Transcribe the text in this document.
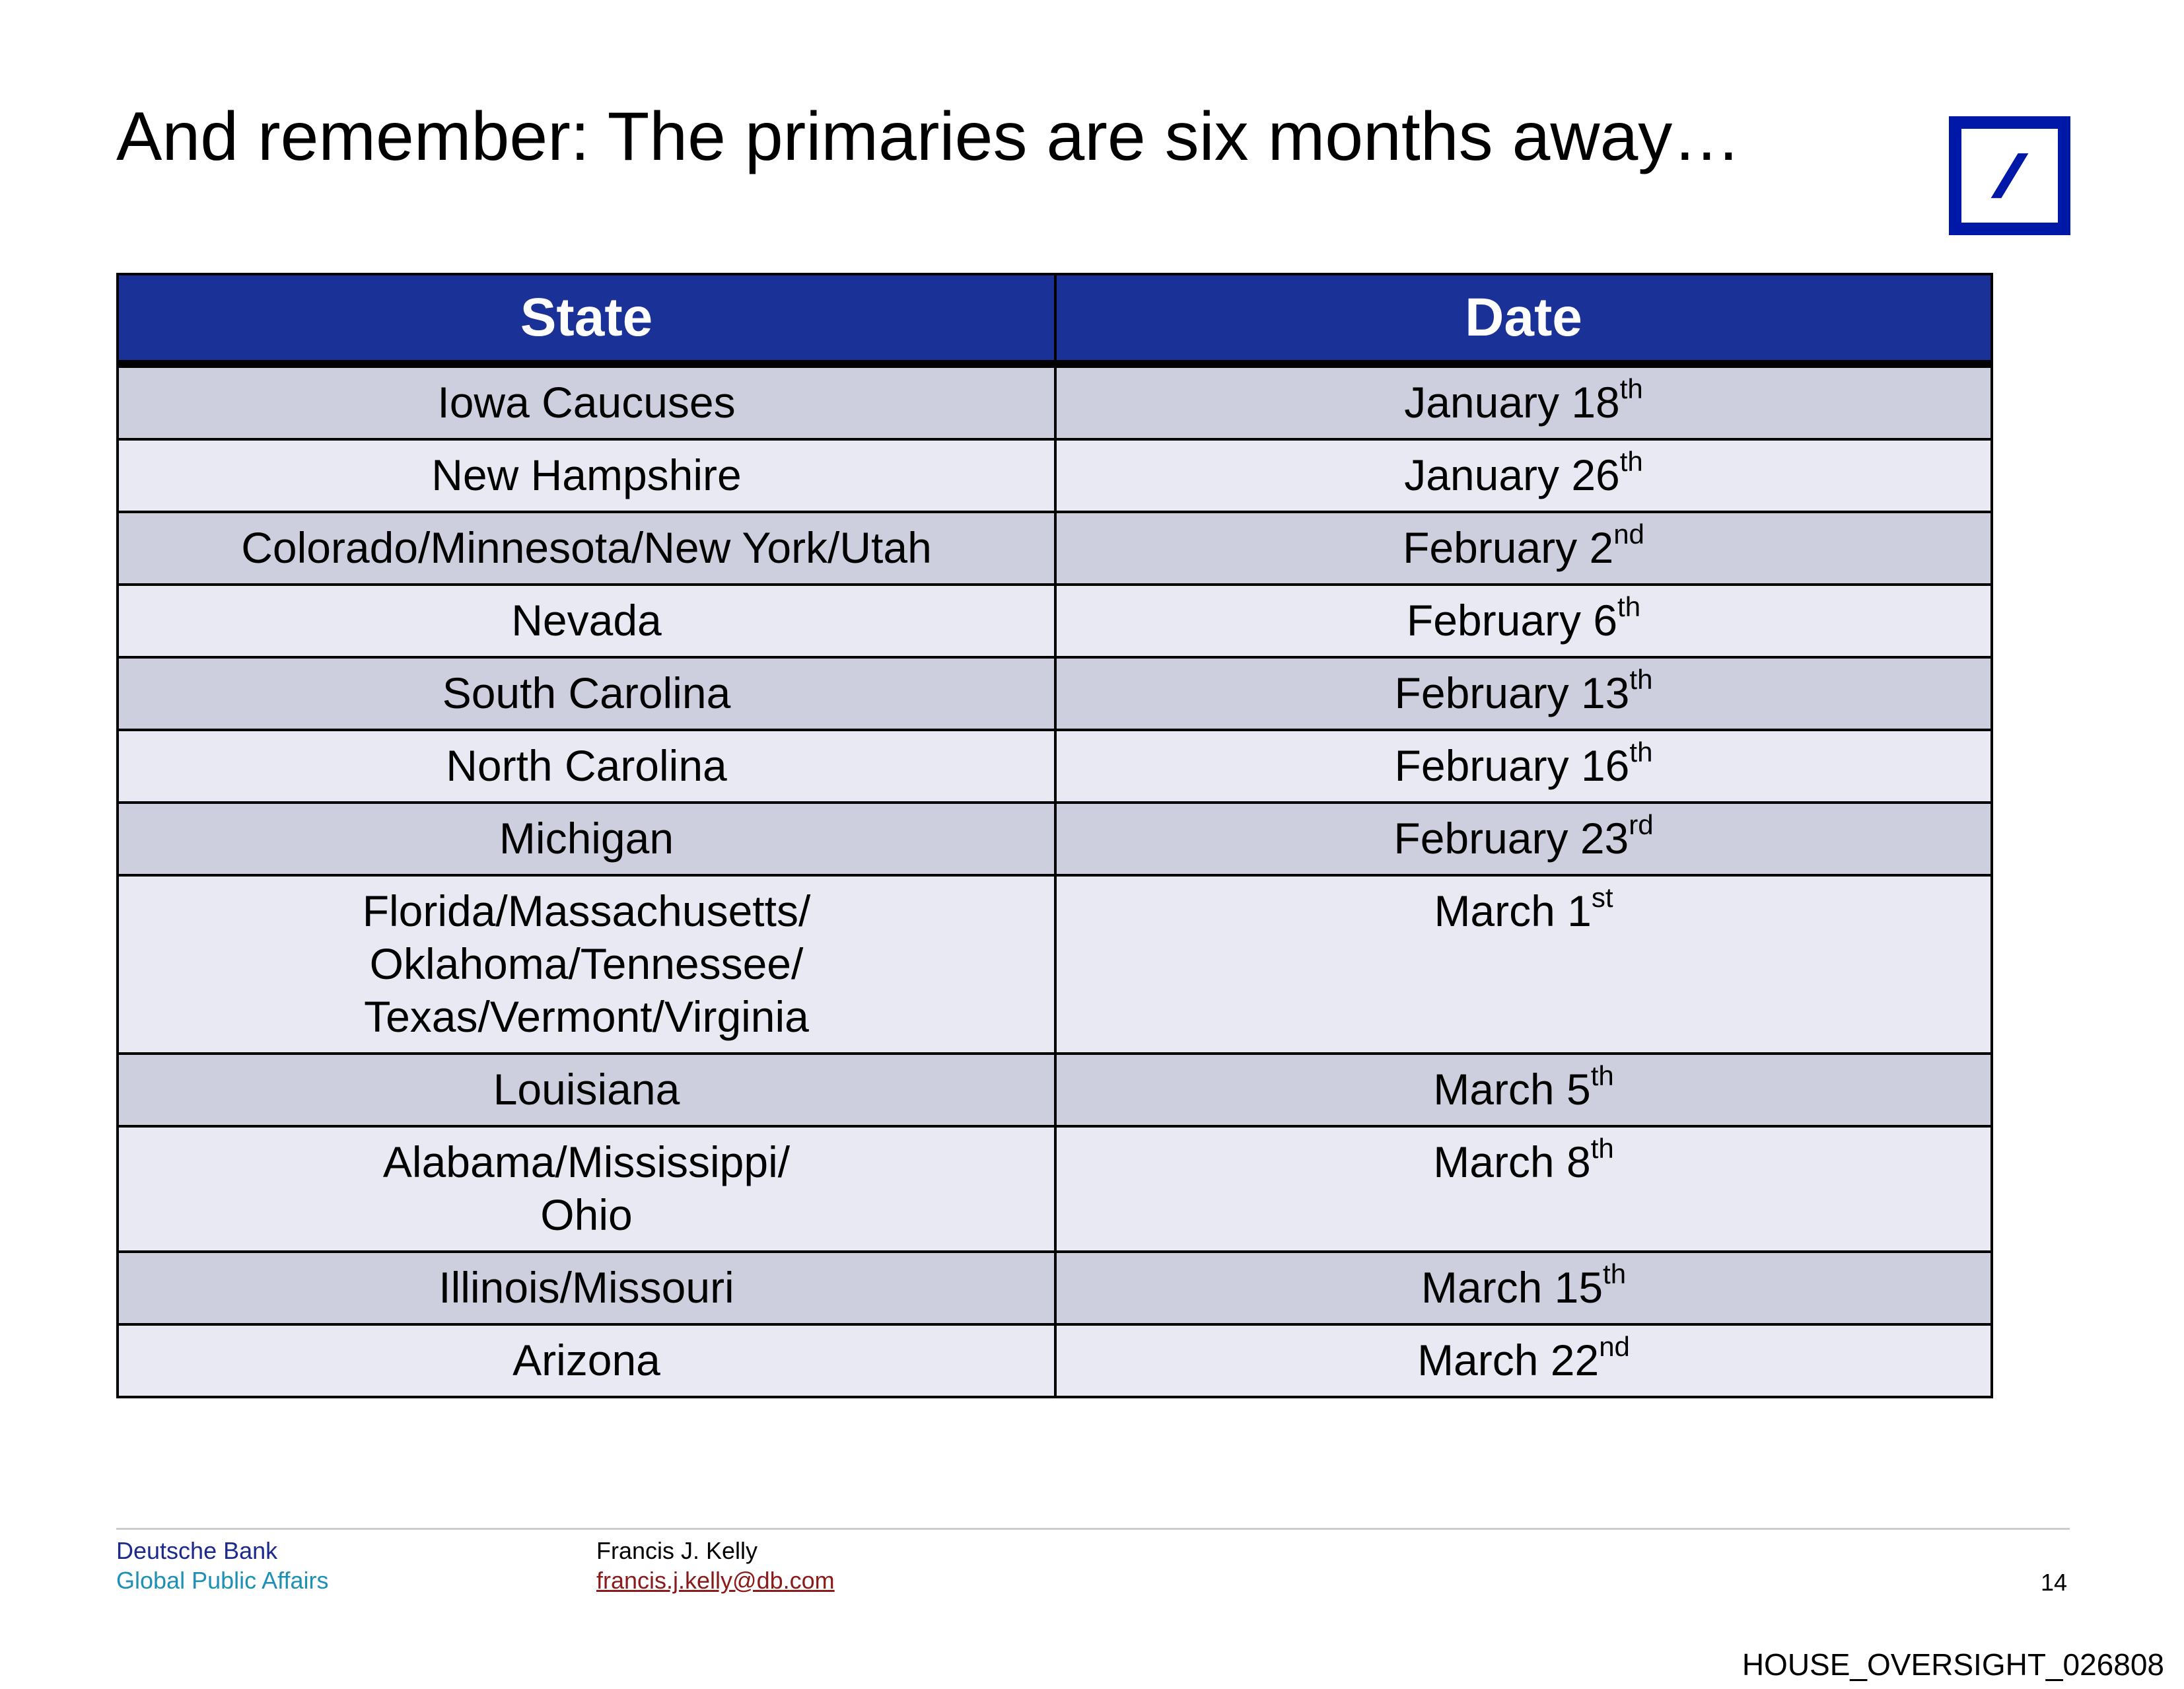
And remember: The primaries are six months away…
State	Date
Iowa Caucuses	January 18th
New Hampshire	January 26th
Colorado/Minnesota/New York/Utah	February 2nd
Nevada	February 6th
South Carolina	February 13th
North Carolina	February 16th
Michigan	February 23rd
Florida/Massachusetts/
Oklahoma/Tennessee/
Texas/Vermont/Virginia	March 1st
Louisiana	March 5th
Alabama/Mississippi/
Ohio	March 8th
Illinois/Missouri	March 15th
Arizona	March 22nd
Deutsche Bank
Global Public Affairs
Francis J. Kelly
francis.j.kelly@db.com	14
HOUSE_OVERSIGHT_026808
